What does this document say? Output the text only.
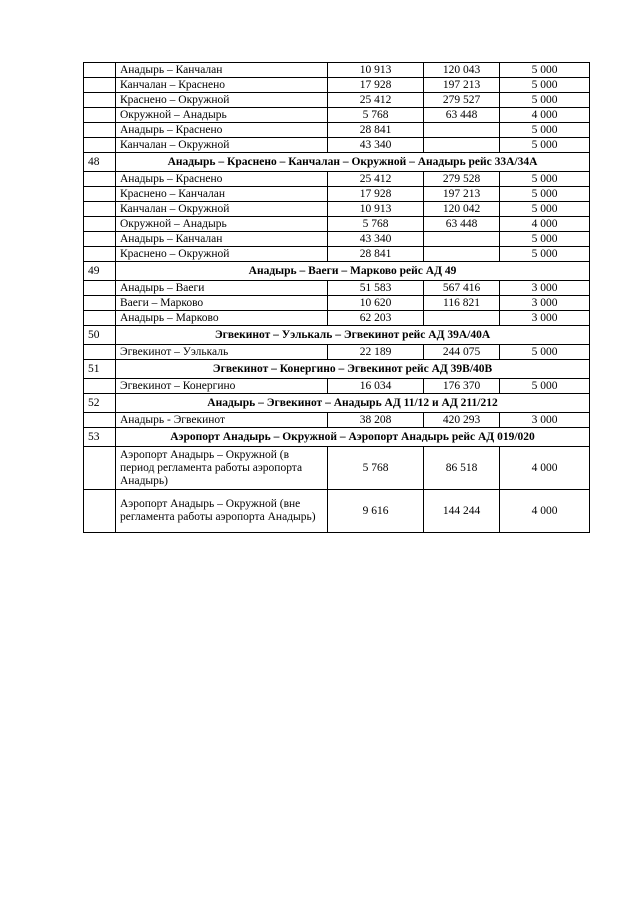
	Анадырь – Канчалан	10 913	120 043	5 000
	Канчалан – Краснено	17 928	197 213	5 000
	Краснено – Окружной	25 412	279 527	5 000
	Окружной – Анадырь	5 768	63 448	4 000
	Анадырь – Краснено	28 841		5 000
	Канчалан – Окружной	43 340		5 000
48	Анадырь – Краснено – Канчалан – Окружной – Анадырь рейс 33А/34А			
	Анадырь – Краснено	25 412	279 528	5 000
	Краснено – Канчалан	17 928	197 213	5 000
	Канчалан – Окружной	10 913	120 042	5 000
	Окружной – Анадырь	5 768	63 448	4 000
	Анадырь – Канчалан	43 340		5 000
	Краснено – Окружной	28 841		5 000
49	Анадырь – Ваеги – Марково рейс АД 49			
	Анадырь – Ваеги	51 583	567 416	3 000
	Ваеги – Марково	10 620	116 821	3 000
	Анадырь – Марково	62 203		3 000
50	Эгвекинот – Уэлькаль – Эгвекинот рейс АД 39А/40А			
	Эгвекинот – Уэлькаль	22 189	244 075	5 000
51	Эгвекинот – Конергино – Эгвекинот рейс АД 39В/40В			
	Эгвекинот – Конергино	16 034	176 370	5 000
52	Анадырь – Эгвекинот – Анадырь АД 11/12 и АД 211/212			
	Анадырь - Эгвекинот	38 208	420 293	3 000
53	Аэропорт Анадырь – Окружной – Аэропорт Анадырь рейс АД 019/020			
	Аэропорт Анадырь – Окружной (в период регламента работы аэропорта Анадырь)	5 768	86 518	4 000
	Аэропорт Анадырь – Окружной (вне регламента работы аэропорта Анадырь)	9 616	144 244	4 000
